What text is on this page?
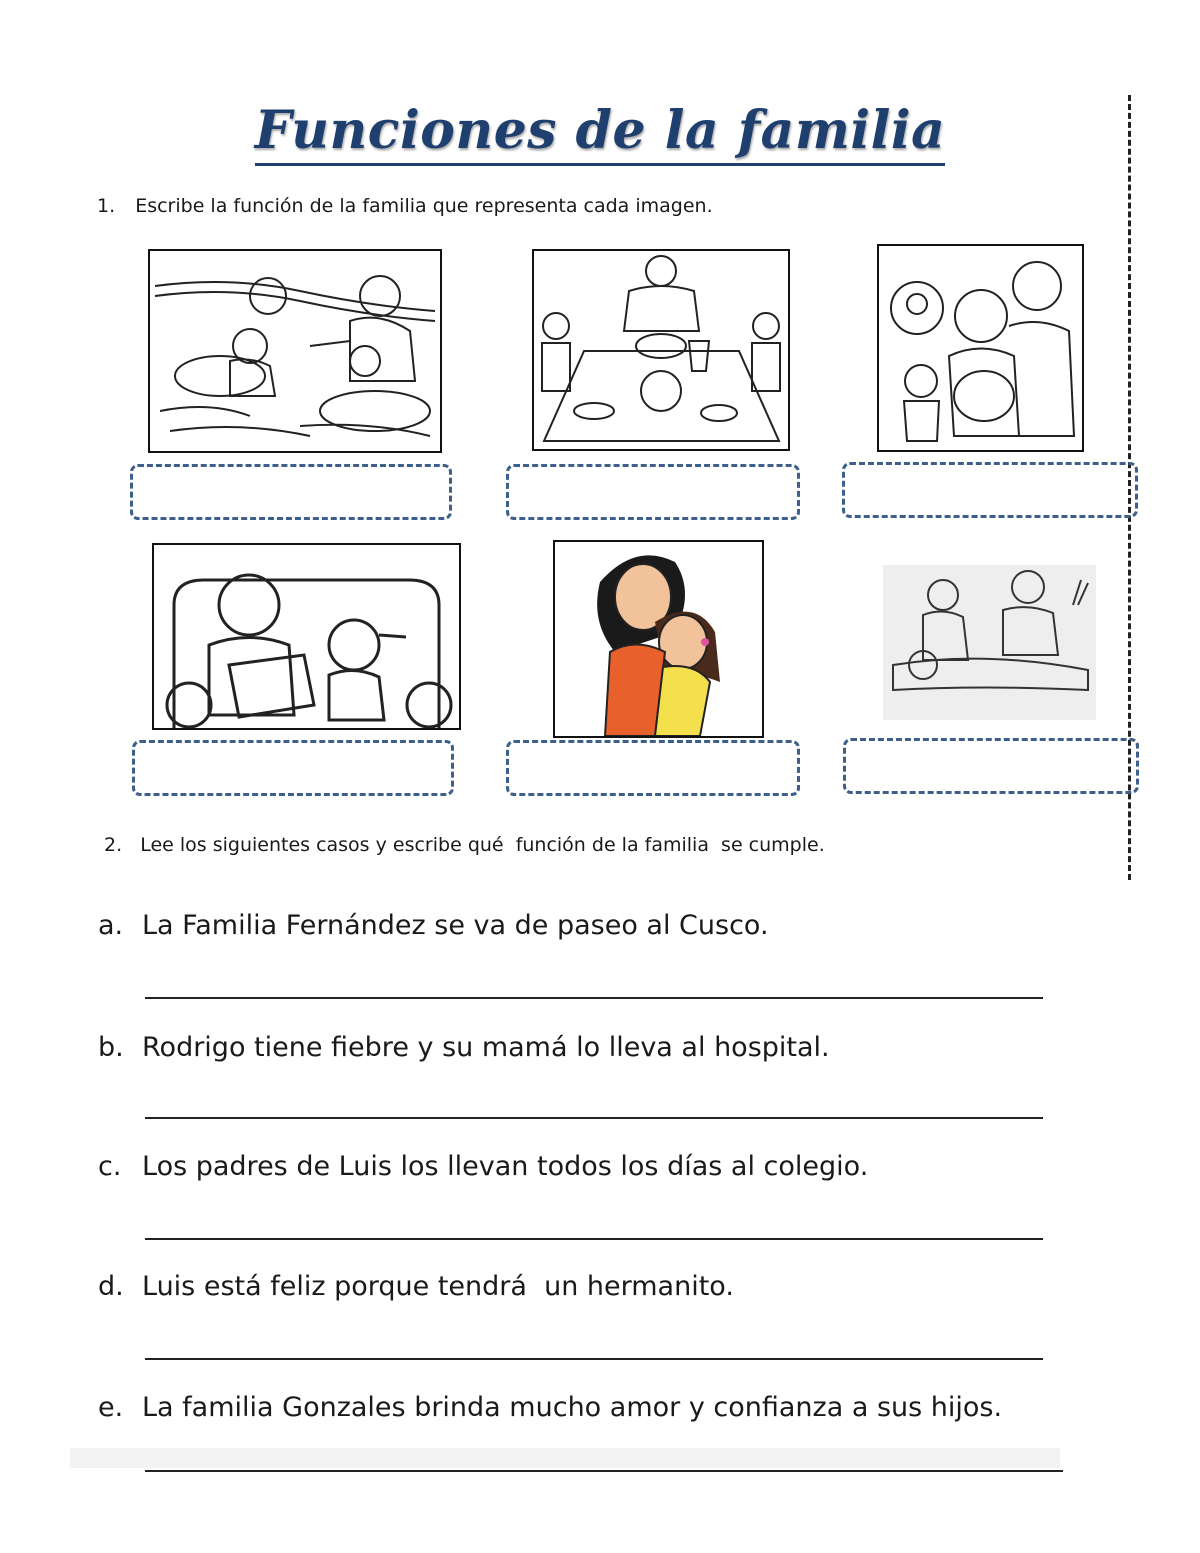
Funciones de la familia
1. Escribe la función de la familia que representa cada imagen.
2. Lee los siguientes casos y escribe qué  función de la familia  se cumple.
a. La Familia Fernández se va de paseo al Cusco.
b. Rodrigo tiene fiebre y su mamá lo lleva al hospital.
c. Los padres de Luis los llevan todos los días al colegio.
d. Luis está feliz porque tendrá  un hermanito.
e. La familia Gonzales brinda mucho amor y confianza a sus hijos.
